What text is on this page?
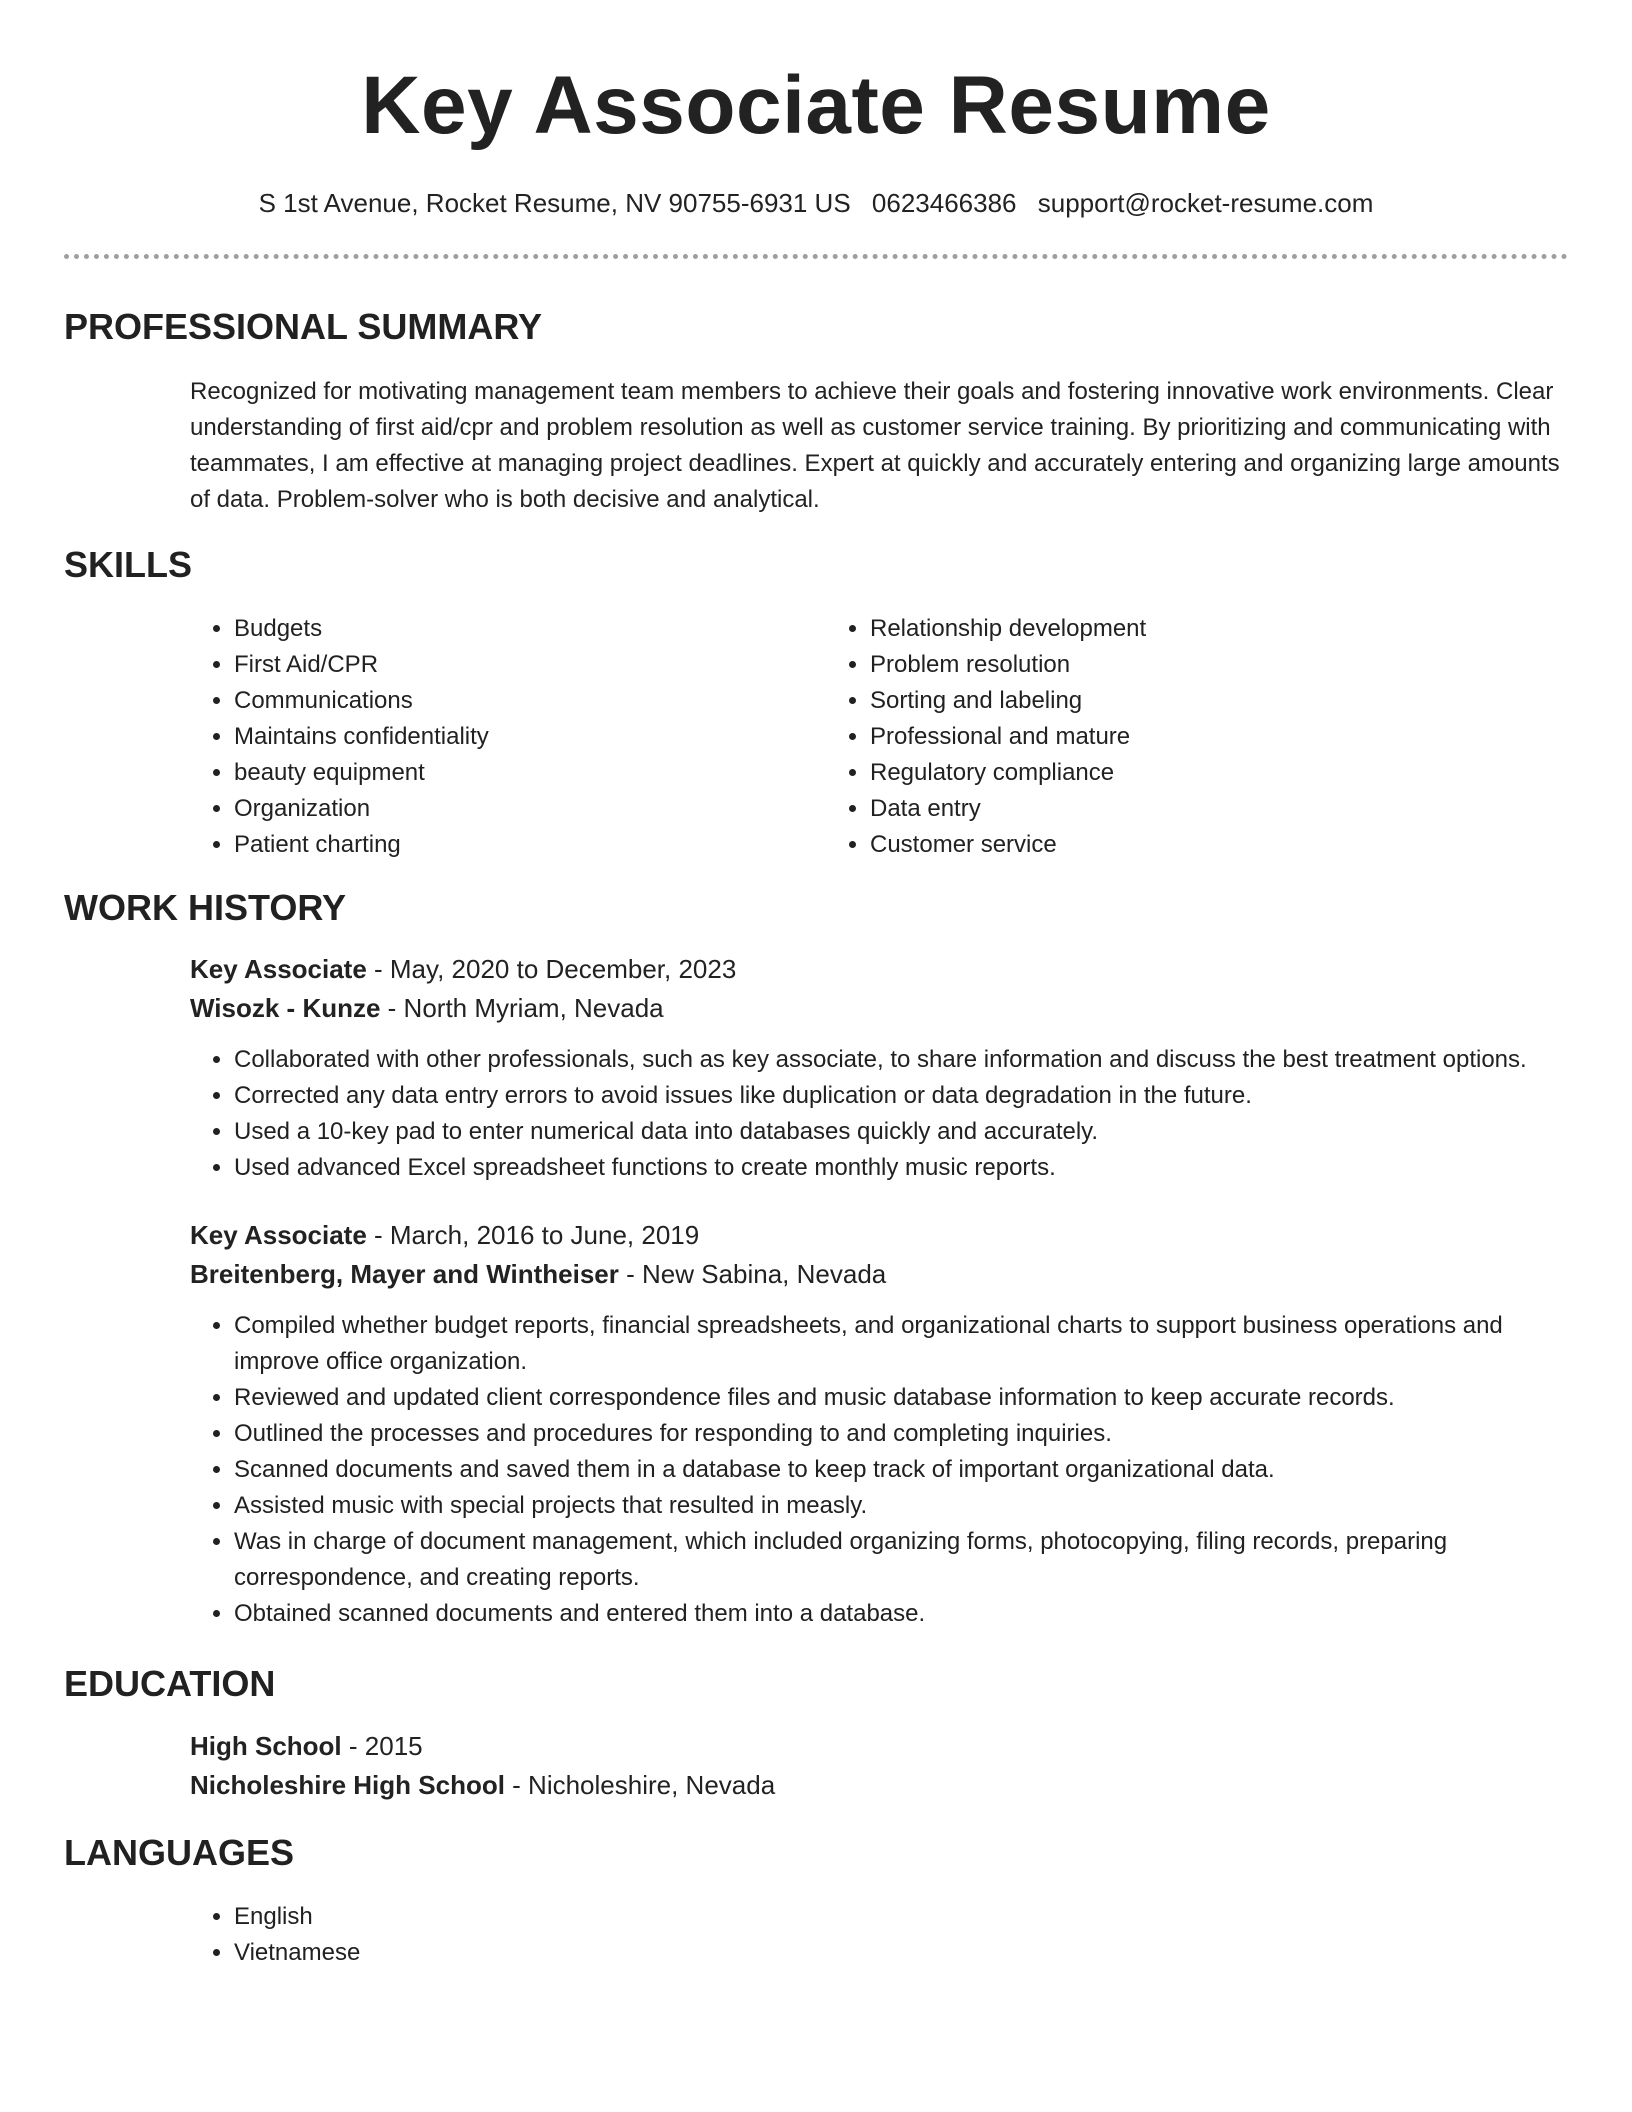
Key Associate Resume
S 1st Avenue, Rocket Resume, NV 90755-6931 US 0623466386 support@rocket-resume.com
PROFESSIONAL SUMMARY

Recognized for motivating management team members to achieve their goals and fostering innovative work environments. Clear understanding of first aid/cpr and problem resolution as well as customer service training. By prioritizing and communicating with teammates, I am effective at managing project deadlines. Expert at quickly and accurately entering and organizing large amounts of data. Problem-solver who is both decisive and analytical.

SKILLS
• Budgets
• First Aid/CPR
• Communications
• Maintains confidentiality
• beauty equipment
• Organization
• Patient charting
• Relationship development
• Problem resolution
• Sorting and labeling
• Professional and mature
• Regulatory compliance
• Data entry
• Customer service
WORK HISTORY
Key Associate - May, 2020 to December, 2023
Wisozk - Kunze - North Myriam, Nevada
• Collaborated with other professionals, such as key associate, to share information and discuss the best treatment options.
• Corrected any data entry errors to avoid issues like duplication or data degradation in the future.
• Used a 10-key pad to enter numerical data into databases quickly and accurately.
• Used advanced Excel spreadsheet functions to create monthly music reports.
Key Associate - March, 2016 to June, 2019
Breitenberg, Mayer and Wintheiser - New Sabina, Nevada
• Compiled whether budget reports, financial spreadsheets, and organizational charts to support business operations and improve office organization.
• Reviewed and updated client correspondence files and music database information to keep accurate records.
• Outlined the processes and procedures for responding to and completing inquiries.
• Scanned documents and saved them in a database to keep track of important organizational data.
• Assisted music with special projects that resulted in measly.
• Was in charge of document management, which included organizing forms, photocopying, filing records, preparing correspondence, and creating reports.
• Obtained scanned documents and entered them into a database.
EDUCATION
High School - 2015
Nicholeshire High School - Nicholeshire, Nevada
LANGUAGES
• English
• Vietnamese
